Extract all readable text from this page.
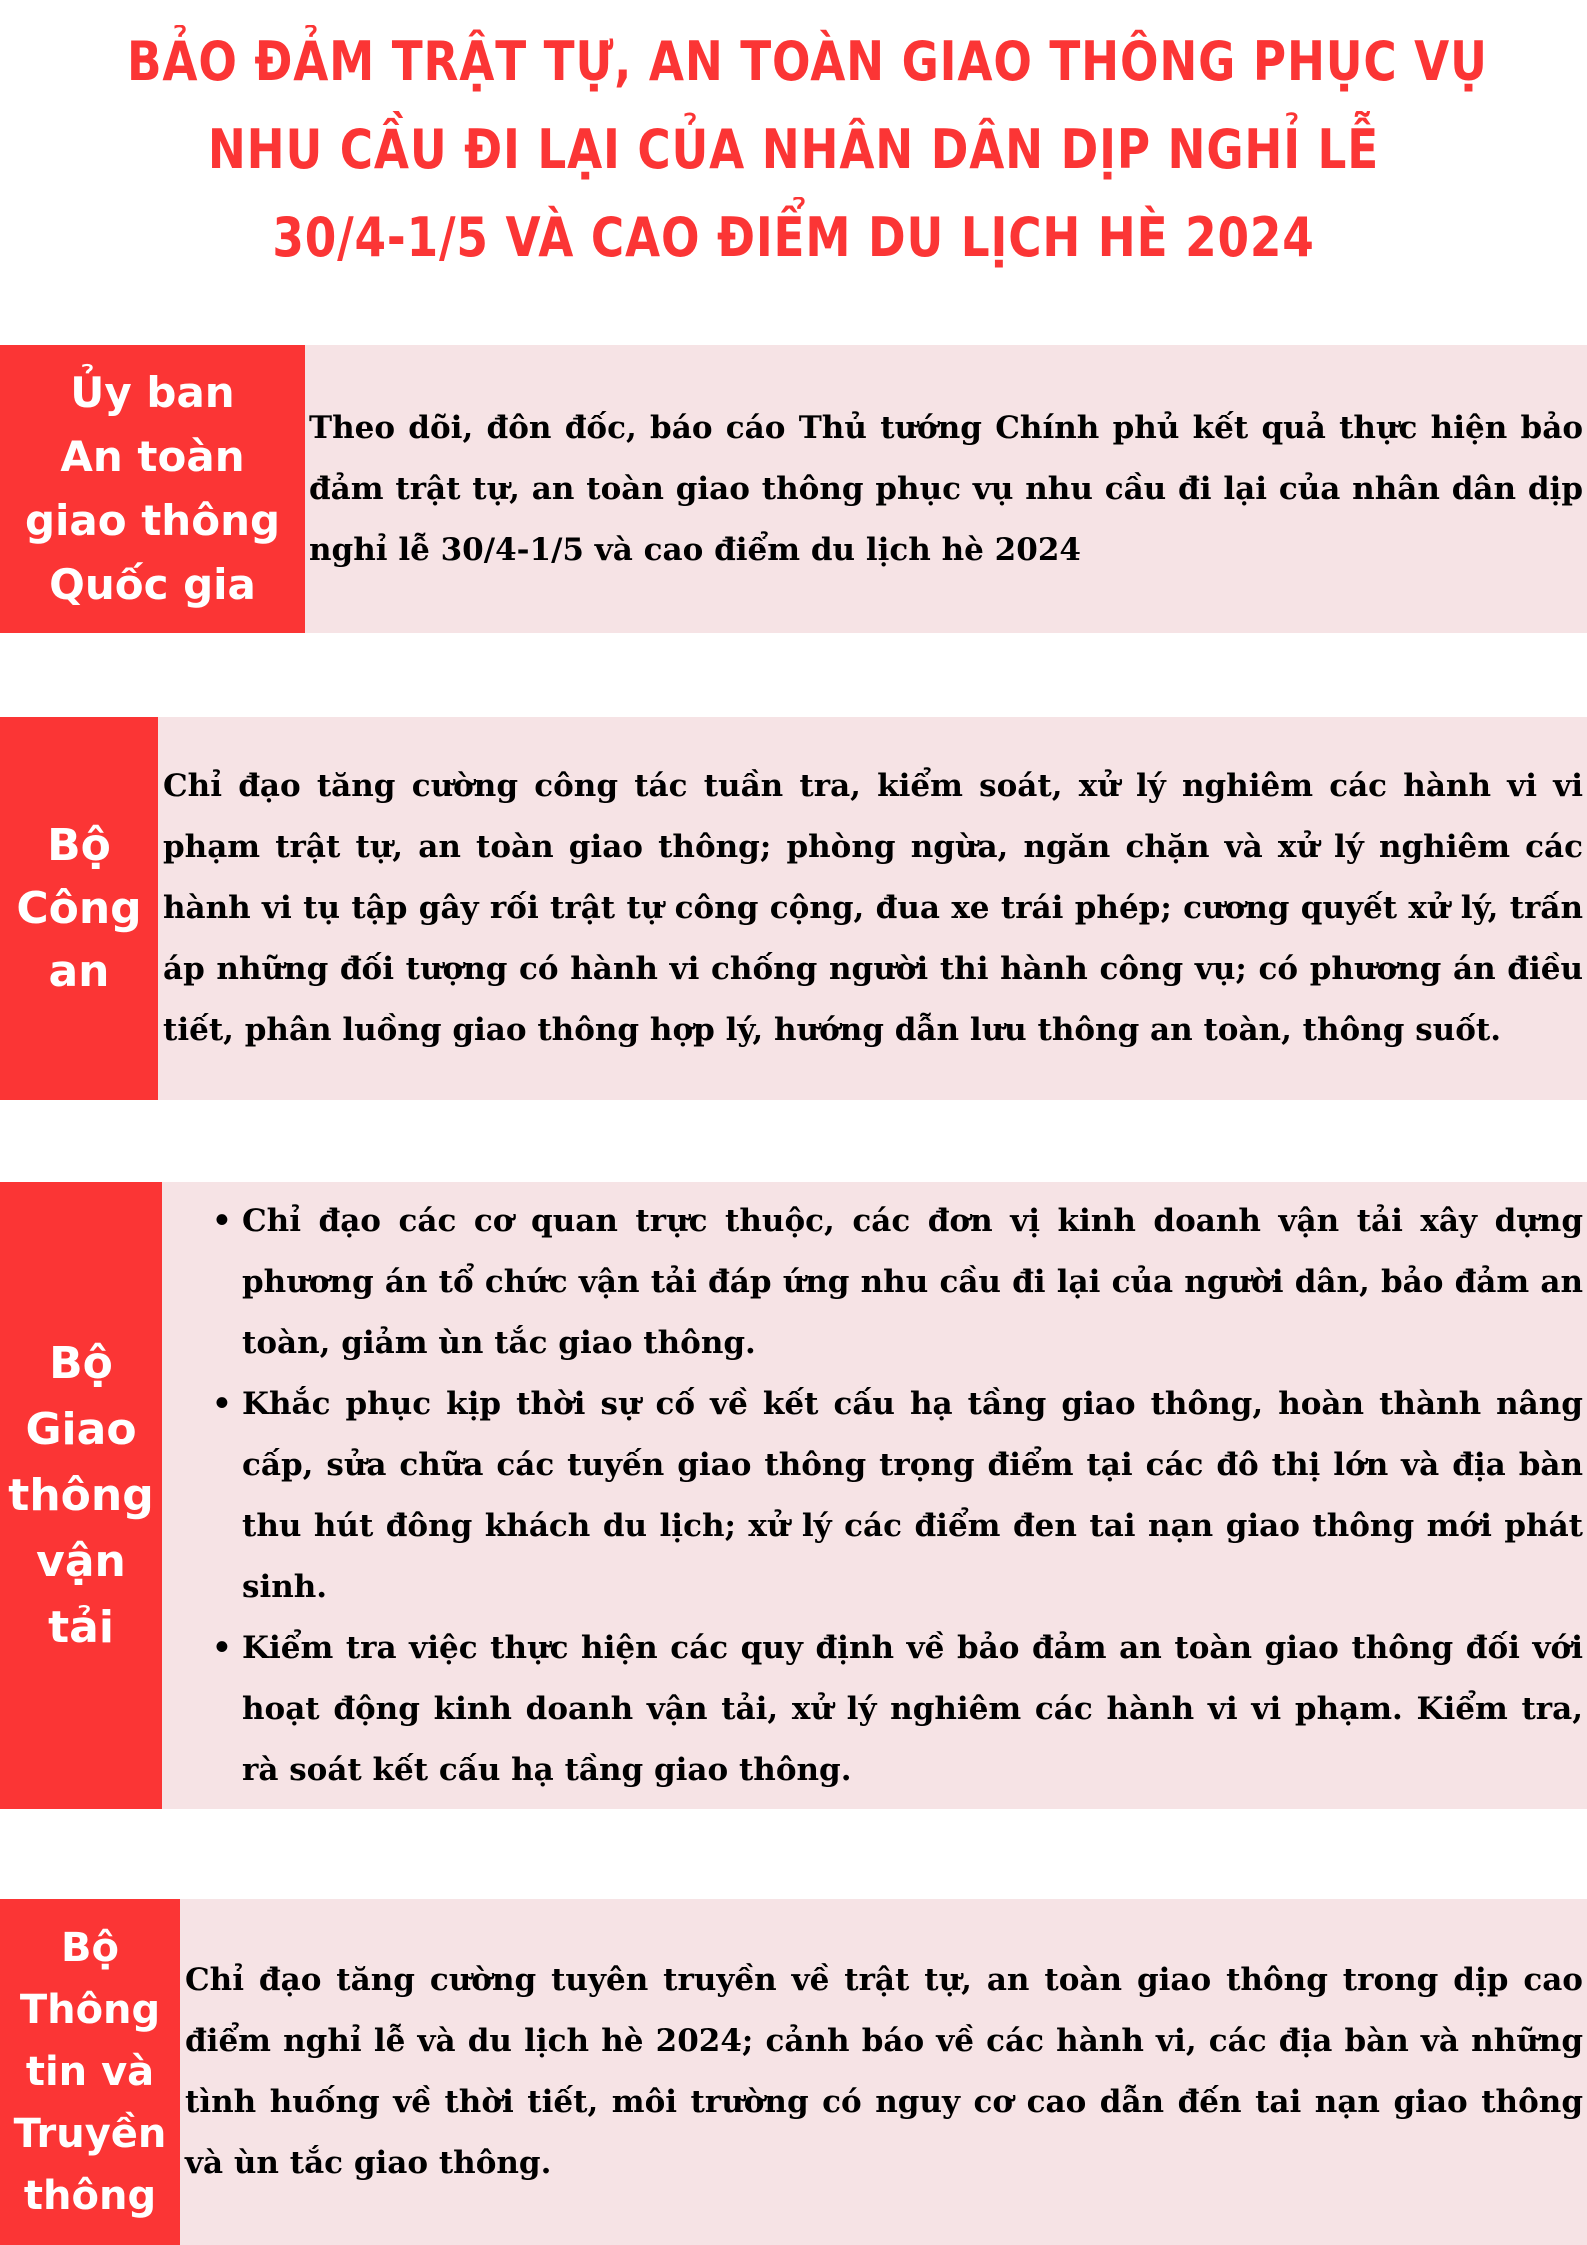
BẢO ĐẢM TRẬT TỰ, AN TOÀN GIAO THÔNG PHỤC VỤ
NHU CẦU ĐI LẠI CỦA NHÂN DÂN DỊP NGHỈ LỄ
30/4-1/5 VÀ CAO ĐIỂM DU LỊCH HÈ 2024
Ủy ban
An toàn
giao thông
Quốc gia

Theo dõi, đôn đốc, báo cáo Thủ tướng Chính phủ kết quả thực hiện bảo đảm trật tự, an toàn giao thông phục vụ nhu cầu đi lại của nhân dân dịp nghỉ lễ 30/4-1/5 và cao điểm du lịch hè 2024

Bộ
Công
an

Chỉ đạo tăng cường công tác tuần tra, kiểm soát, xử lý nghiêm các hành vi vi phạm trật tự, an toàn giao thông; phòng ngừa, ngăn chặn và xử lý nghiêm các hành vi tụ tập gây rối trật tự công cộng, đua xe trái phép; cương quyết xử lý, trấn áp những đối tượng có hành vi chống người thi hành công vụ; có phương án điều tiết, phân luồng giao thông hợp lý, hướng dẫn lưu thông an toàn, thông suốt.

Bộ
Giao
thông
vận
tải
• Chỉ đạo các cơ quan trực thuộc, các đơn vị kinh doanh vận tải xây dựng phương án tổ chức vận tải đáp ứng nhu cầu đi lại của người dân, bảo đảm an toàn, giảm ùn tắc giao thông.
• Khắc phục kịp thời sự cố về kết cấu hạ tầng giao thông, hoàn thành nâng cấp, sửa chữa các tuyến giao thông trọng điểm tại các đô thị lớn và địa bàn thu hút đông khách du lịch; xử lý các điểm đen tai nạn giao thông mới phát sinh.
• Kiểm tra việc thực hiện các quy định về bảo đảm an toàn giao thông đối với hoạt động kinh doanh vận tải, xử lý nghiêm các hành vi vi phạm. Kiểm tra, rà soát kết cấu hạ tầng giao thông.
Bộ
Thông
tin và
Truyền
thông

Chỉ đạo tăng cường tuyên truyền về trật tự, an toàn giao thông trong dịp cao điểm nghỉ lễ và du lịch hè 2024; cảnh báo về các hành vi, các địa bàn và những tình huống về thời tiết, môi trường có nguy cơ cao dẫn đến tai nạn giao thông và ùn tắc giao thông.
